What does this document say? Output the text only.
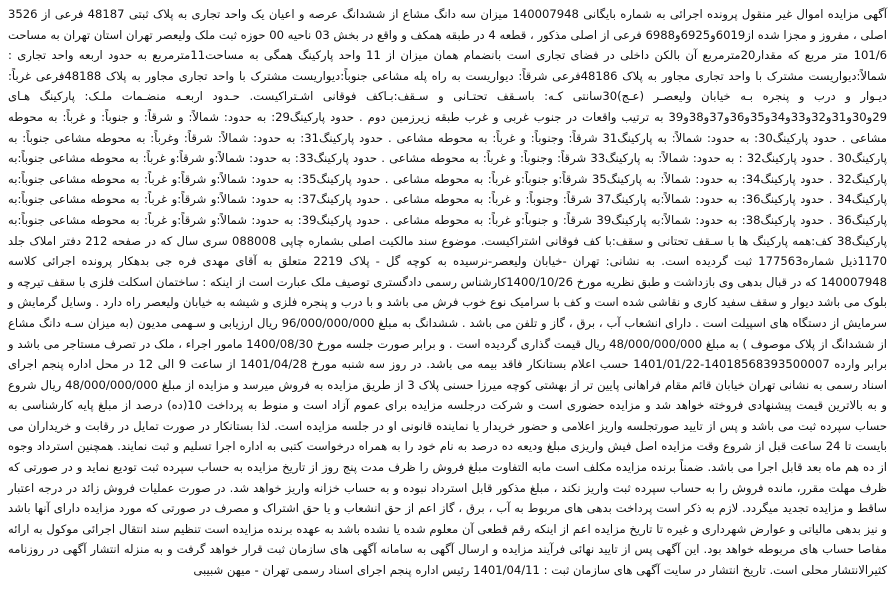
آگهی مزایده اموال غیر منقول پرونده اجرائی به شماره بایگانی 140007948 میزان سه دانگ مشاع از ششدانگ عرصه و اعیان یک واحد تجاری به پلاک ثبتی 48187 فرعی از 3526 اصلی ، مفروز و مجزا شده از6019و6925و6988 فرعی از اصلی مذکور ، قطعه 4 در طبقه همکف و واقع در بخش 03 ناحیه 00 حوزه ثبت ملک ولیعصر تهران استان تهران به مساحت 101/6 متر مربع که مقدار20مترمربع آن بالکن داخلی در فضای تجاری است بانضمام همان میزان از 11 واحد پارکینگ همگی به مساحت11مترمربع به حدود اربعه واحد تجاری : شمالاً:دیواریست مشترک با واحد تجاری مجاور به پلاک 48186فرعی شرقاً: دیواریست به راه پله مشاعی جنوباً:دیواریست مشترک با واحد تجاری مجاور به پلاک 48188فرعی غرباً: دیـوار و درب و پنجره بـه خیابان ولیعصـر (عـج)30سانتی کـه: باسـقف تحتـانی و سـقف:بـاکف فوقانی اشـتراکیست. حـدود اربعـه منضـمات ملـک: پارکینگ هـای 29و30و31و32و33و34و35و36و37و38و39 به ترتیب واقعات در جنوب غربی و غرب طبقه زیرزمین دوم . حدود پارکینگ29: به حدود: شمالاً: و شرقاً: و جنوباً: و غرباً: به محوطه مشاعی . حدود پارکینگ30: به حدود: شمالاً: به پارکینگ31 شرقاً: وجنوباً: و غرباً: به محوطه مشاعی . حدود پارکینگ31: به حدود: شمالاً: شرقاً: وغرباً: به محوطه مشاعی جنوباً: به پارکینگ30 . حدود پارکینگ32 : به حدود: شمالاً: به پارکینگ33 شرقاً: وجنوباً: و غرباً: به محوطه مشاعی . حدود پارکینگ33: به حدود: شمالاً:و شرقاً:و غرباً: به محوطه مشاعی جنوباً:به پارکینگ32 . حدود پارکینگ34: به حدود: شمالاً: به پارکینگ35 شرقاً:و جنوباً:و غرباً: به محوطه مشاعی . حدود پارکینگ35: به حدود: شمالاً:و شرقاً:و غرباً: به محوطه مشاعی جنوباً:به پارکینگ34 . حدود پارکینگ36: به حدود: شمالاً:به پارکینگ37 شرقاً: وجنوباً: و غرباً: به محوطه مشاعی . حدود پارکینگ37: به حدود: شمالاً:و شرقاً:و غرباً: به محوطه مشاعی جنوباً:به پارکینگ36 . حدود پارکینگ38: به حدود: شمالاً:به پارکینگ39 شرقاً: و جنوباً:و غرباً: به محوطه مشاعی . حدود پارکینگ39: به حدود: شمالاً:و شرقاً:و غرباً: به محوطه مشاعی جنوباً:به پارکینگ38 کف:همه پارکینگ ها با سـقف تحتانی و سقف:با کف فوقانی اشتراکیست. موضوع سند مالکیت اصلی بشماره چاپی 088008 سری سال که در صفحه 212 دفتر املاک جلد 1170ذیل شماره177563 ثبت گردیده است. به نشانی: تهران -خیابان ولیعصر-نرسیده به کوچه گل - پلاک 2219 متعلق به آقای مهدی فره جی بدهکار پرونده اجرائی کلاسه 140007948 که در قبال بدهی وی بازداشت و طبق نظریه مورخ 1400/10/26کارشناس رسمی دادگستری توصیف ملک عبارت است از اینکه : ساختمان اسکلت فلزی با سقف تیرچه و بلوک می باشد دیوار و سقف سفید کاری و نقاشی شده است و کف با سرامیک نوع خوب فرش می باشد و با درب و پنجره فلزی و شیشه به خیابان ولیعصر راه دارد . وسایل گرمایش و سرمایش از دستگاه های اسپیلت است . دارای انشعاب آب ، برق ، گاز و تلفن می باشد . ششدانگ به مبلغ 96/000/000/000 ریال ارزیابی و سـهمی مدیون (به میزان سـه دانگ مشاع از ششدانگ از پلاک موصوف ) به مبلغ 48/000/000/000 ریال قیمت گذاری گردیده است . و برابر صورت جلسه مورخ 1400/08/30 مامور اجراء ، ملک در تصرف مستاجر می باشد و برابر وارده 14018568393500007-1401/01/22 حسب اعلام بستانکار فاقد بیمه می باشد. در روز سه شنبه مورخ 1401/04/28 از ساعت 9 الی 12 در محل اداره پنجم اجرای اسناد رسمی به نشانی تهران خیابان قائم مقام فراهانی پایین تر از بهشتی کوچه میرزا حسنی پلاک 3 از طریق مزایده به فروش میرسد و مزایده از مبلغ 48/000/000/000 ریال شروع و به بالاترین قیمت پیشنهادی فروخته خواهد شد و مزایده حضوری است و شرکت درجلسه مزایده برای عموم آزاد است و منوط به پرداخت 10(ده) درصد از مبلغ پایه کارشناسی به حساب سپرده ثبت می باشد و پس از تایید صورتجلسه واریز اعلامی و حضور خریدار یا نماینده قانونی او در جلسه مزایده است. لذا بستانکار در صورت تمایل در رقابت و خریداران می بایست تا 24 ساعت قبل از شروع وقت مزایده اصل فیش واریزی مبلغ ودیعه ده درصد به نام خود را به همراه درخواست کتبی به اداره اجرا تسلیم و ثبت نمایند. همچنین استرداد وجوه از ده هم ماه بعد قابل اجرا می باشد. ضمناً برنده مزایده مکلف است مابه التفاوت مبلغ فروش را ظرف مدت پنج روز از تاریخ مزایده به حساب سپرده ثبت تودیع نماید و در صورتی که ظرف مهلت مقرر، مانده فروش را به حساب سپرده ثبت واریز نکند ، مبلغ مذکور قابل استرداد نبوده و به حساب خزانه واریز خواهد شد. در صورت عملیات فروش زائد در درجه اعتبار ساقط و مزایده تجدید میگردد. لازم به ذکر است پرداخت بدهی های مربوط به آب ، برق ، گاز اعم از حق انشعاب و یا حق اشتراک و مصرف در صورتی که مورد مزایده دارای آنها باشد و نیز بدهی مالیاتی و عوارض شهرداری و غیره تا تاریخ مزایده اعم از اینکه رقم قطعی آن معلوم شده یا نشده باشد به عهده برنده مزایده است تنظیم سند انتقال اجرائی موکول به ارائه مفاصا حساب های مربوطه خواهد بود. این آگهی پس از تایید نهائی فرآیند مزایده و ارسال آگهی به سامانه آگهی های سازمان ثبت قرار خواهد گرفت و به منزله انتشار آگهی در روزنامه کثیرالانتشار محلی است. تاریخ انتشار در سایت آگهی های سازمان ثبت : 1401/04/11 رئیس اداره پنجم اجرای اسناد رسمی تهران - میهن شبیبی
